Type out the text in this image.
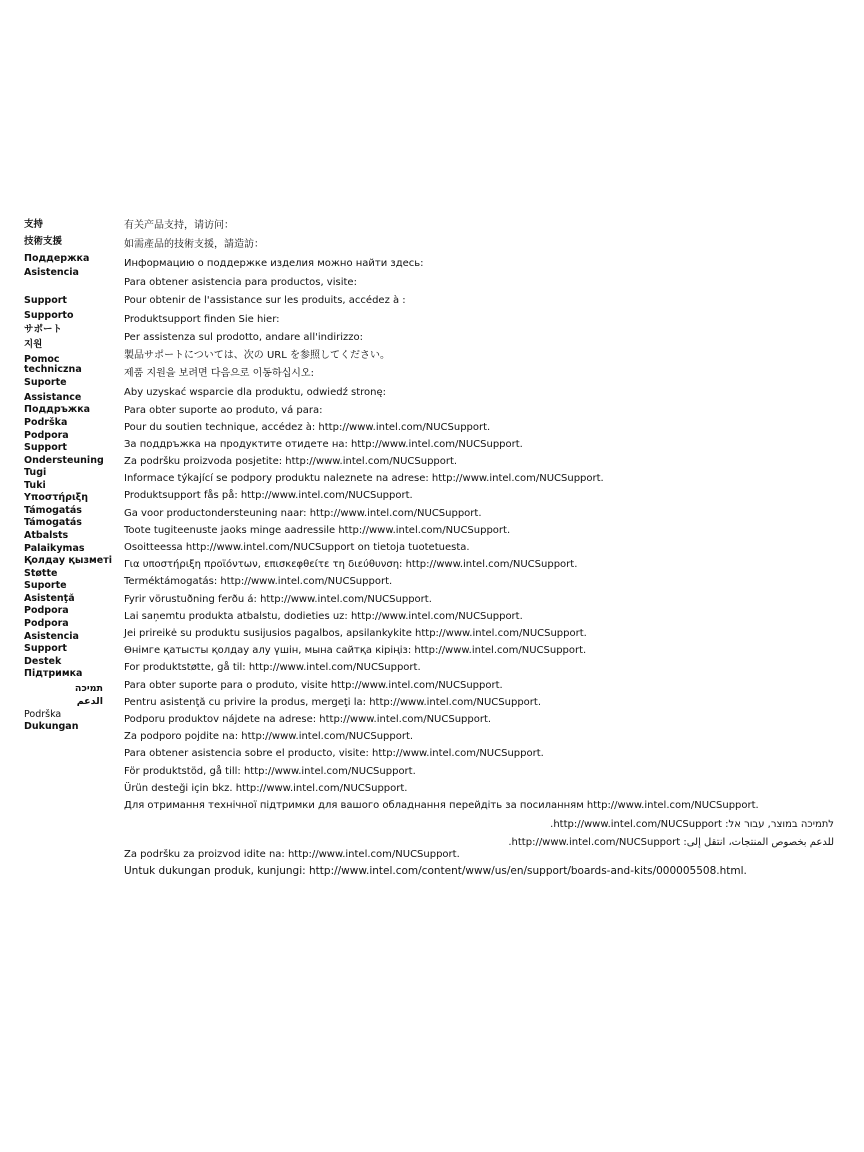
支持
技術支援
Поддержка
Asistencia
Support
Supporto
サポート
지원
Pomoc techniczna
Suporte
Assistance
Поддръжка
Podrška
Podpora
Support
Ondersteuning
Tugi
Tuki
Υποστήριξη
Támogatás
Támogatás
Atbalsts
Palaikymas
Қолдау қызметі
Støtte
Suporte
Asistenţă
Podpora
Podpora
Asistencia
Support
Destek
Підтримка
תמיכה
الدعم
Podrška
Dukungan
有关产品支持，请访问：
如需產品的技術支援，請造訪：
Информацию о поддержке изделия можно найти здесь:
Para obtener asistencia para productos, visite:
Pour obtenir de l'assistance sur les produits, accédez à :
Produktsupport finden Sie hier:
Per assistenza sul prodotto, andare all'indirizzo:
製品サポートについては、次の URL を参照してください。
제품 지원을 보려면 다음으로 이동하십시오:
Aby uzyskać wsparcie dla produktu, odwiedź stronę:
Para obter suporte ao produto, vá para:
Pour du soutien technique, accédez à: http://www.intel.com/NUCSupport.
За поддръжка на продуктите отидете на: http://www.intel.com/NUCSupport.
Za podršku proizvoda posjetite: http://www.intel.com/NUCSupport.
Informace týkající se podpory produktu naleznete na adrese: http://www.intel.com/NUCSupport.
Produktsupport fås på: http://www.intel.com/NUCSupport.
Ga voor productondersteuning naar: http://www.intel.com/NUCSupport.
Toote tugiteenuste jaoks minge aadressile http://www.intel.com/NUCSupport.
Osoitteessa http://www.intel.com/NUCSupport on tietoja tuotetuesta.
Για υποστήριξη προϊόντων, επισκεφθείτε τη διεύθυνση: http://www.intel.com/NUCSupport.
Terméktámogatás: http://www.intel.com/NUCSupport.
Fyrir vörustuðning ferðu á: http://www.intel.com/NUCSupport.
Lai saņemtu produkta atbalstu, dodieties uz: http://www.intel.com/NUCSupport.
Jei prireikė su produktu susijusios pagalbos, apsilankykite http://www.intel.com/NUCSupport.
Өнімге қатысты қолдау алу үшін, мына сайтқа кіріңіз: http://www.intel.com/NUCSupport.
For produktstøtte, gå til: http://www.intel.com/NUCSupport.
Para obter suporte para o produto, visite http://www.intel.com/NUCSupport.
Pentru asistenţă cu privire la produs, mergeţi la: http://www.intel.com/NUCSupport.
Podporu produktov nájdete na adrese: http://www.intel.com/NUCSupport.
Za podporo pojdite na: http://www.intel.com/NUCSupport.
Para obtener asistencia sobre el producto, visite: http://www.intel.com/NUCSupport.
För produktstöd, gå till: http://www.intel.com/NUCSupport.
Ürün desteği için bkz. http://www.intel.com/NUCSupport.
Для отримання технічної підтримки для вашого обладнання перейдіть за посиланням http://www.intel.com/NUCSupport.
לתמיכה במוצר, עבור אל: http://www.intel.com/NUCSupport.
للدعم بخصوص المنتجات، انتقل إلى: http://www.intel.com/NUCSupport.
Za podršku za proizvod idite na: http://www.intel.com/NUCSupport.
Untuk dukungan produk, kunjungi: http://www.intel.com/content/www/us/en/support/boards-and-kits/000005508.html.
